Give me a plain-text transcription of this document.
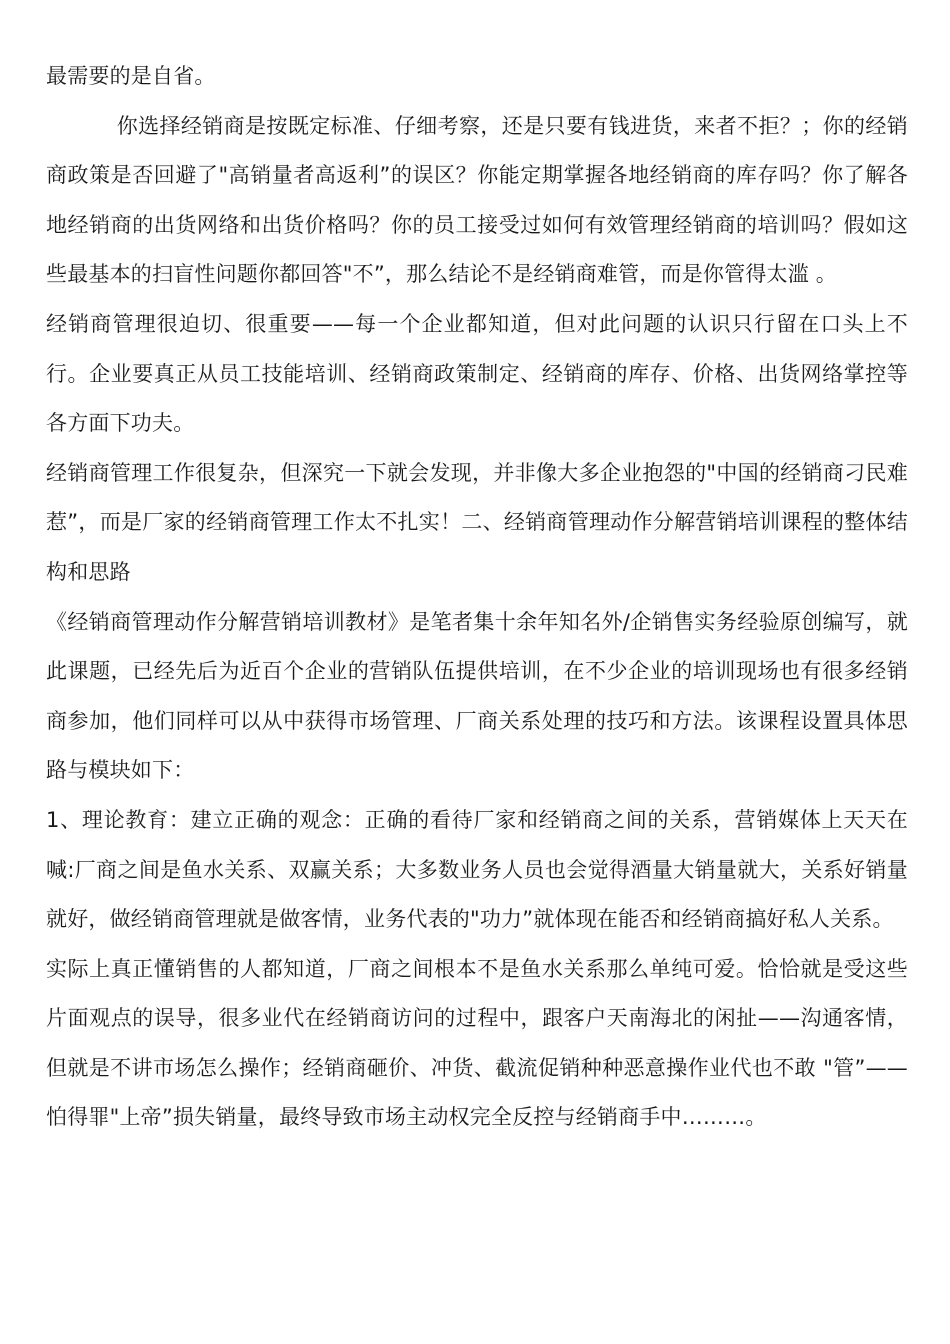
最需要的是自省。

你选择经销商是按既定标准、仔细考察，还是只要有钱进货，来者不拒？；你的经销商政策是否回避了"高销量者高返利”的误区？你能定期掌握各地经销商的库存吗？你了解各地经销商的出货网络和出货价格吗？你的员工接受过如何有效管理经销商的培训吗？假如这些最基本的扫盲性问题你都回答"不”，那么结论不是经销商难管，而是你管得太滥 。

经销商管理很迫切、很重要——每一个企业都知道，但对此问题的认识只行留在口头上不行。企业要真正从员工技能培训、经销商政策制定、经销商的库存、价格、出货网络掌控等各方面下功夫。

经销商管理工作很复杂，但深究一下就会发现，并非像大多企业抱怨的"中国的经销商刁民难惹”，而是厂家的经销商管理工作太不扎实！二、经销商管理动作分解营销培训课程的整体结构和思路

《经销商管理动作分解营销培训教材》是笔者集十余年知名外/企销售实务经验原创编写，就此课题，已经先后为近百个企业的营销队伍提供培训，在不少企业的培训现场也有很多经销商参加，他们同样可以从中获得市场管理、厂商关系处理的技巧和方法。该课程设置具体思路与模块如下：

1、理论教育：建立正确的观念：正确的看待厂家和经销商之间的关系，营销媒体上天天在喊:厂商之间是鱼水关系、双赢关系；大多数业务人员也会觉得酒量大销量就大，关系好销量就好，做经销商管理就是做客情，业务代表的"功力”就体现在能否和经销商搞好私人关系。

实际上真正懂销售的人都知道，厂商之间根本不是鱼水关系那么单纯可爱。恰恰就是受这些片面观点的误导，很多业代在经销商访问的过程中，跟客户天南海北的闲扯——沟通客情，但就是不讲市场怎么操作；经销商砸价、冲货、截流促销种种恶意操作业代也不敢 "管”——怕得罪"上帝”损失销量，最终导致市场主动权完全反控与经销商手中………。
